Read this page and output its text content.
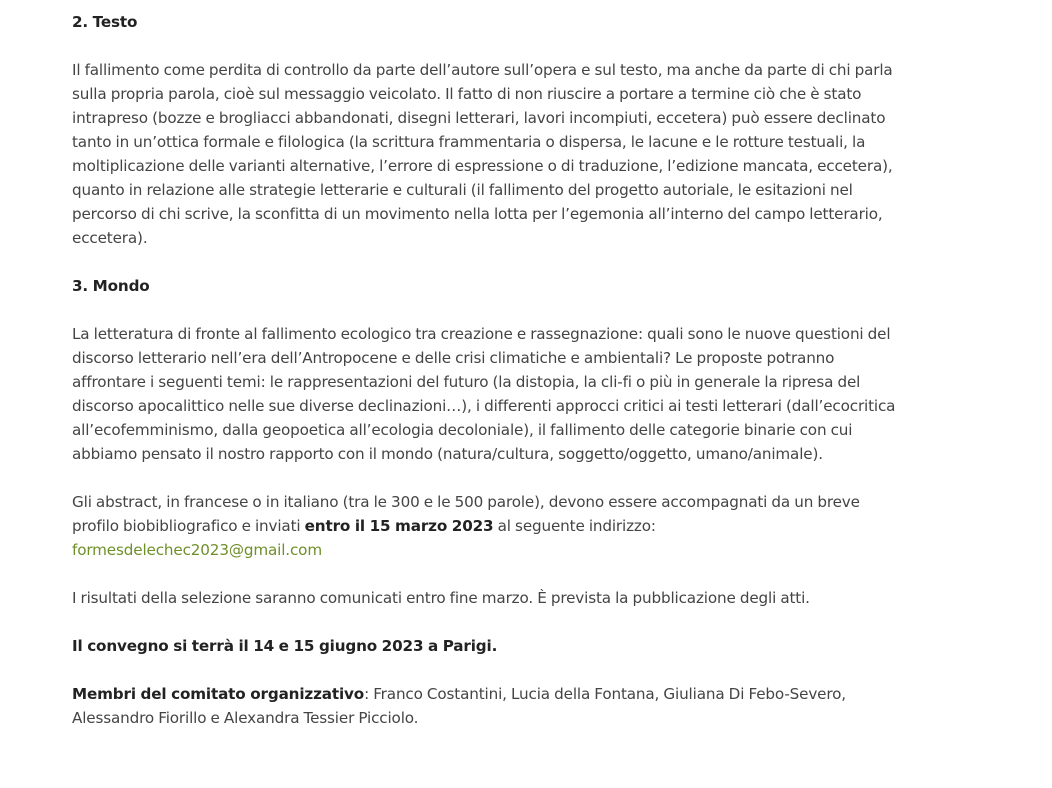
2. Testo

Il fallimento come perdita di controllo da parte dell’autore sull’opera e sul testo, ma anche da parte di chi parla sulla propria parola, cioè sul messaggio veicolato. Il fatto di non riuscire a portare a termine ciò che è stato intrapreso (bozze e brogliacci abbandonati, disegni letterari, lavori incompiuti, eccetera) può essere declinato tanto in un’ottica formale e filologica (la scrittura frammentaria o dispersa, le lacune e le rotture testuali, la moltiplicazione delle varianti alternative, l’errore di espressione o di traduzione, l’edizione mancata, eccetera), quanto in relazione alle strategie letterarie e culturali (il fallimento del progetto autoriale, le esitazioni nel percorso di chi scrive, la sconfitta di un movimento nella lotta per l’egemonia all’interno del campo letterario, eccetera).

3. Mondo

La letteratura di fronte al fallimento ecologico tra creazione e rassegnazione: quali sono le nuove questioni del discorso letterario nell’era dell’Antropocene e delle crisi climatiche e ambientali? Le proposte potranno affrontare i seguenti temi: le rappresentazioni del futuro (la distopia, la cli-fi o più in generale la ripresa del discorso apocalittico nelle sue diverse declinazioni…), i differenti approcci critici ai testi letterari (dall’ecocritica all’ecofemminismo, dalla geopoetica all’ecologia decoloniale), il fallimento delle categorie binarie con cui abbiamo pensato il nostro rapporto con il mondo (natura/cultura, soggetto/oggetto, umano/animale).

Gli abstract, in francese o in italiano (tra le 300 e le 500 parole), devono essere accompagnati da un breve profilo biobibliografico e inviati entro il 15 marzo 2023 al seguente indirizzo:
formesdelechec2023@gmail.com

I risultati della selezione saranno comunicati entro fine marzo. È prevista la pubblicazione degli atti.

Il convegno si terrà il 14 e 15 giugno 2023 a Parigi.

Membri del comitato organizzativo: Franco Costantini, Lucia della Fontana, Giuliana Di Febo-Severo, Alessandro Fiorillo e Alexandra Tessier Picciolo.
